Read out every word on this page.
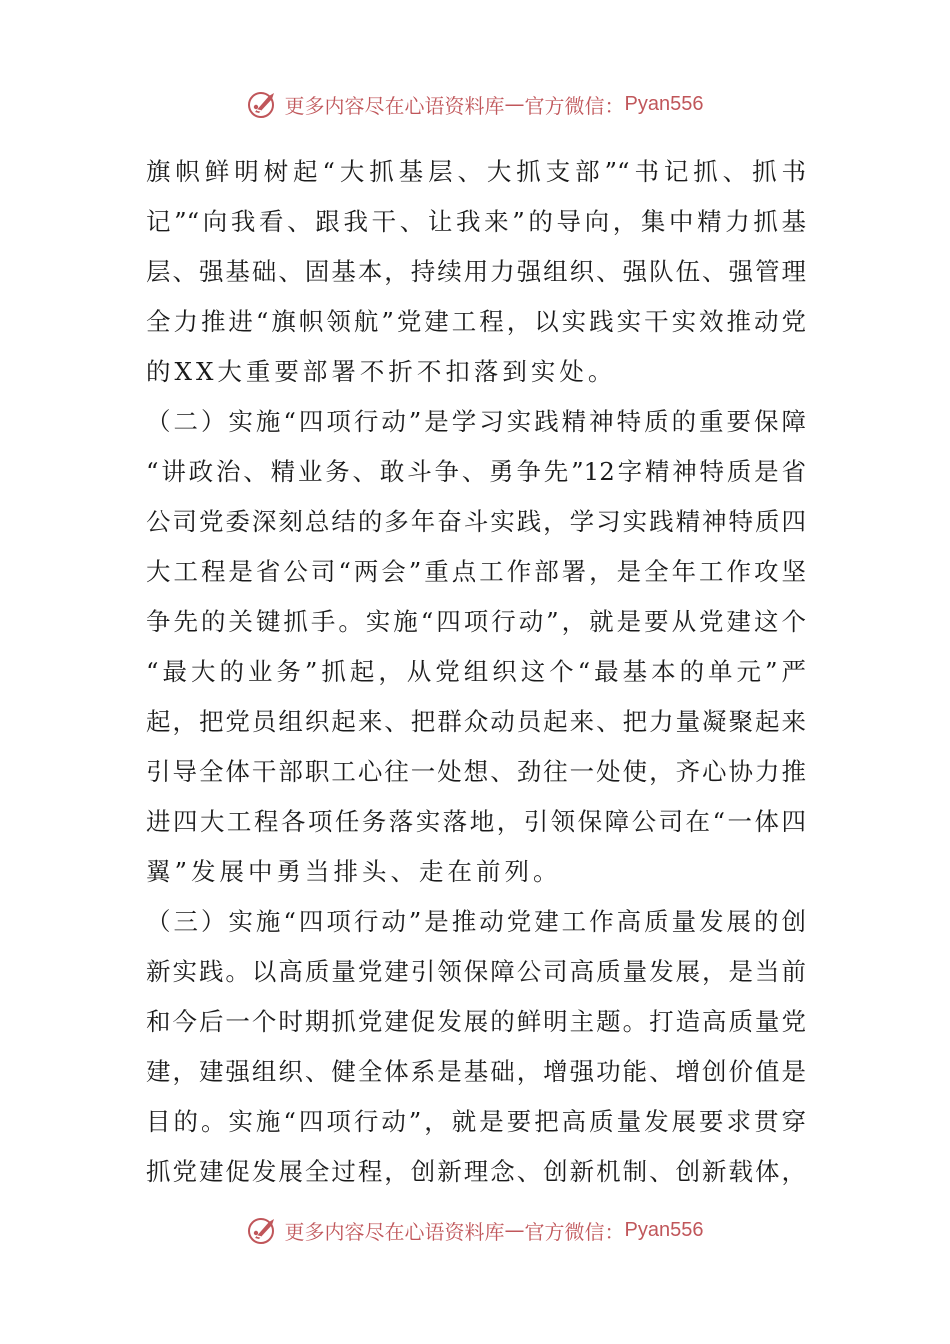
更多内容尽在心语资料库 — 官方微信： Pyan556
旗帜鲜明树起“大抓基层、大抓支部”“书记抓、抓书
记”“向我看、跟我干、让我来”的导向，集中精力抓基
层、强基础、固基本，持续用力强组织、强队伍、强管理
全力推进“旗帜领航”党建工程，以实践实干实效推动党
的XX大重要部署不折不扣落到实处。
（二）实施“四项行动”是学习实践精神特质的重要保障
“讲政治、精业务、敢斗争、勇争先”12字精神特质是省
公司党委深刻总结的多年奋斗实践，学习实践精神特质四
大工程是省公司“两会”重点工作部署，是全年工作攻坚
争先的关键抓手。实施“四项行动”，就是要从党建这个
“最大的业务”抓起，从党组织这个“最基本的单元”严
起，把党员组织起来、把群众动员起来、把力量凝聚起来
引导全体干部职工心往一处想、劲往一处使，齐心协力推
进四大工程各项任务落实落地，引领保障公司在“一体四
翼”发展中勇当排头、走在前列。
（三）实施“四项行动”是推动党建工作高质量发展的创
新实践。以高质量党建引领保障公司高质量发展，是当前
和今后一个时期抓党建促发展的鲜明主题。打造高质量党
建，建强组织、健全体系是基础，增强功能、增创价值是
目的。实施“四项行动”，就是要把高质量发展要求贯穿
抓党建促发展全过程，创新理念、创新机制、创新载体，
更多内容尽在心语资料库 — 官方微信： Pyan556
